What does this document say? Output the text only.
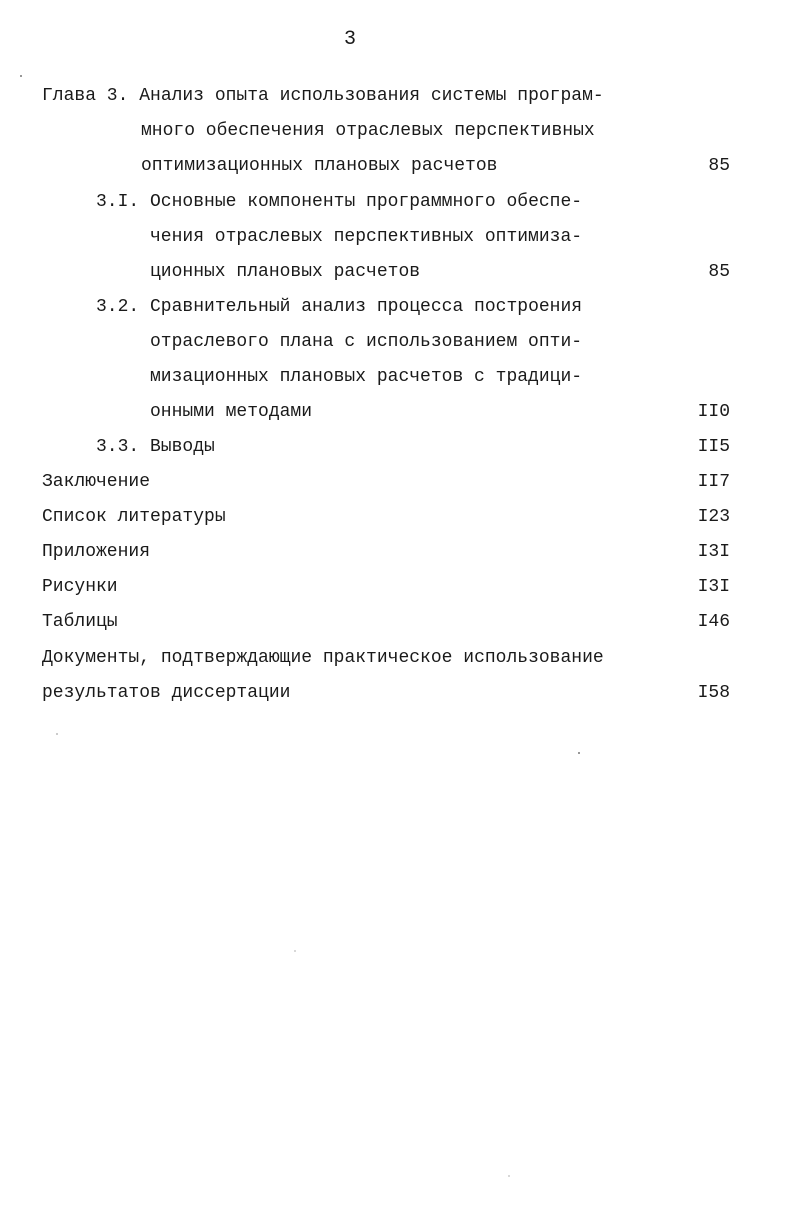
3
Глава 3. Анализ опыта использования системы програм-
много обеспечения отраслевых перспективных
оптимизационных плановых расчетов	85
3.I. Основные компоненты программного обеспе-
чения отраслевых перспективных оптимиза-
ционных плановых расчетов	85
3.2. Сравнительный анализ процесса построения
отраслевого плана с использованием опти-
мизационных плановых расчетов с традици-
онными методами	II0
3.3. Выводы	II5
Заключение	II7
Список литературы	I23
Приложения	I3I
Рисунки	I3I
Таблицы	I46
Документы, подтверждающие практическое использование
результатов диссертации	I58
